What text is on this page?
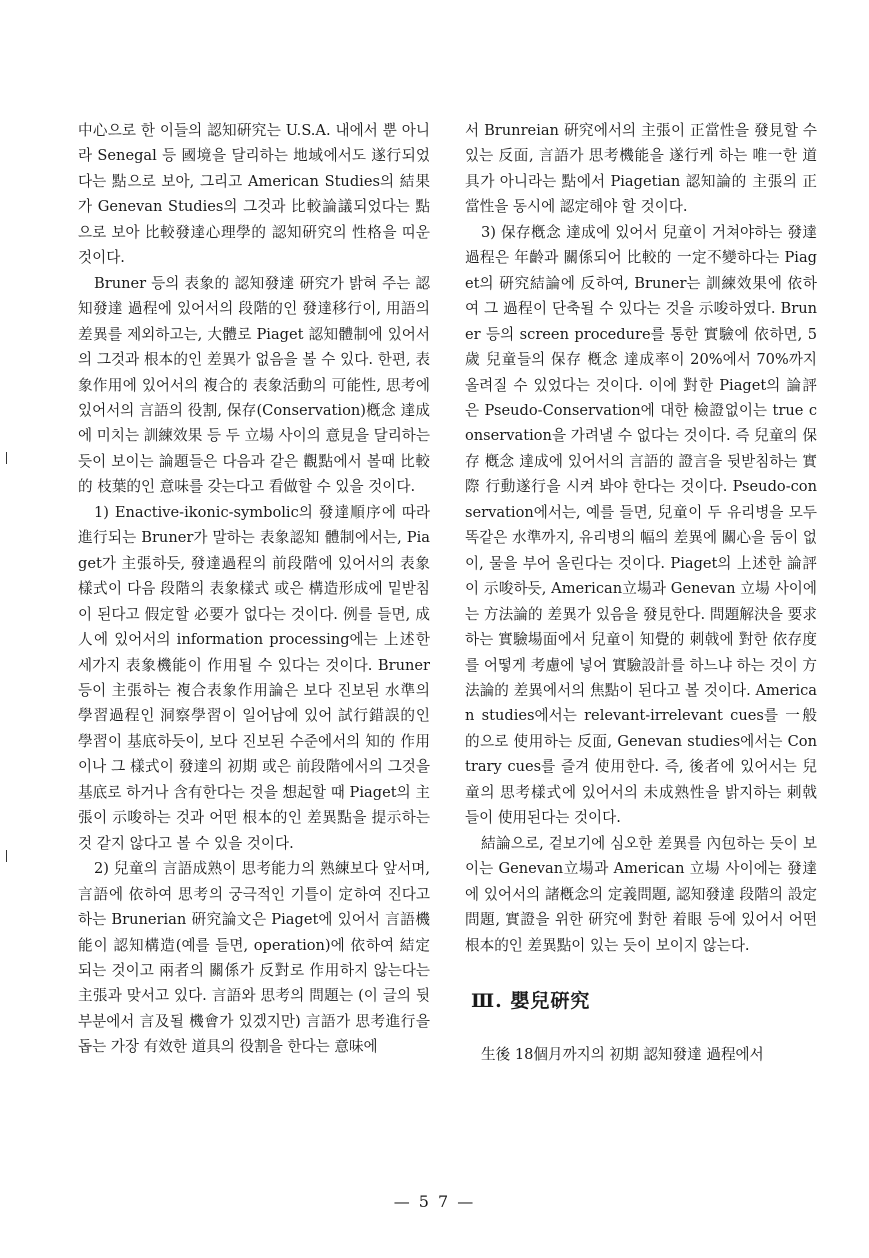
中心으로 한 이들의 認知硏究는 U.S.A. 내에서 뿐 아니라 Senegal 등 國境을 달리하는 地域에서도 遂行되었다는 點으로 보아, 그리고 American Studies의 結果가 Genevan Studies의 그것과 比較論議되었다는 點으로 보아 比較發達心理學的 認知硏究의 性格을 띠운 것이다.

Bruner 등의 表象的 認知發達 硏究가 밝혀 주는 認知發達 過程에 있어서의 段階的인 發達移行이, 用語의 差異를 제외하고는, 大體로 Piaget 認知體制에 있어서의 그것과 根本的인 差異가 없음을 볼 수 있다. 한편, 表象作用에 있어서의 複合的 表象活動의 可能性, 思考에 있어서의 言語의 役割, 保存(Conservation)槪念 達成에 미치는 訓練效果 등 두 立場 사이의 意見을 달리하는 듯이 보이는 論題들은 다음과 같은 觀點에서 볼때 比較的 枝葉的인 意味를 갖는다고 看做할 수 있을 것이다.

1) Enactive-ikonic-symbolic의 發達順序에 따라 進行되는 Bruner가 말하는 表象認知 體制에서는, Piaget가 主張하듯, 發達過程의 前段階에 있어서의 表象樣式이 다음 段階의 表象樣式 或은 構造形成에 밑받침이 된다고 假定할 必要가 없다는 것이다. 例를 들면, 成人에 있어서의 information processing에는 上述한 세가지 表象機能이 作用될 수 있다는 것이다. Bruner 등이 主張하는 複合表象作用論은 보다 진보된 水準의 學習過程인 洞察學習이 일어남에 있어 試行錯誤的인 學習이 基底하듯이, 보다 진보된 수준에서의 知的 作用이나 그 樣式이 發達의 初期 或은 前段階에서의 그것을 基底로 하거나 含有한다는 것을 想起할 때 Piaget의 主張이 示唆하는 것과 어떤 根本的인 差異點을 提示하는 것 같지 않다고 볼 수 있을 것이다.

2) 兒童의 言語成熟이 思考能力의 熟練보다 앞서며, 言語에 依하여 思考의 궁극적인 기틀이 定하여 진다고 하는 Brunerian 硏究論文은 Piaget에 있어서 言語機能이 認知構造(예를 들면, operation)에 依하여 結定되는 것이고 兩者의 關係가 反對로 作用하지 않는다는 主張과 맞서고 있다. 言語와 思考의 問題는 (이 글의 뒷 부분에서 言及될 機會가 있겠지만) 言語가 思考進行을 돕는 가장 有效한 道具의 役割을 한다는 意味에

서 Brunreian 硏究에서의 主張이 正當性을 發見할 수 있는 反面, 言語가 思考機能을 遂行케 하는 唯一한 道具가 아니라는 點에서 Piagetian 認知論的 主張의 正當性을 동시에 認定해야 할 것이다.

3) 保存槪念 達成에 있어서 兒童이 거쳐야하는 發達過程은 年齡과 關係되어 比較的 一定不變하다는 Piaget의 硏究結論에 反하여, Bruner는 訓練效果에 依하여 그 過程이 단축될 수 있다는 것을 示唆하였다. Bruner 등의 screen procedure를 통한 實驗에 依하면, 5歲 兒童들의 保存 槪念 達成率이 20%에서 70%까지 올려질 수 있었다는 것이다. 이에 對한 Piaget의 論評은 Pseudo-Conservation에 대한 檢證없이는 true conservation을 가려낼 수 없다는 것이다. 즉 兒童의 保存 槪念 達成에 있어서의 言語的 證言을 뒷받침하는 實際 行動遂行을 시켜 봐야 한다는 것이다. Pseudo-conservation에서는, 예를 들면, 兒童이 두 유리병을 모두 똑같은 水準까지, 유리병의 幅의 差異에 關心을 둠이 없이, 물을 부어 올린다는 것이다. Piaget의 上述한 論評이 示唆하듯, American立場과 Genevan 立場 사이에는 方法論的 差異가 있음을 發見한다. 問題解決을 要求하는 實驗場面에서 兒童이 知覺的 刺戟에 對한 依存度를 어떻게 考慮에 넣어 實驗設計를 하느냐 하는 것이 方法論的 差異에서의 焦點이 된다고 볼 것이다. American studies에서는 relevant-irrelevant cues를 一般的으로 使用하는 反面, Genevan studies에서는 Contrary cues를 즐겨 使用한다. 즉, 後者에 있어서는 兒童의 思考樣式에 있어서의 未成熟性을 밝지하는 刺戟들이 使用된다는 것이다.

結論으로, 겉보기에 심오한 差異를 內包하는 듯이 보이는 Genevan立場과 American 立場 사이에는 發達에 있어서의 諸槪念의 定義問題, 認知發達 段階의 設定問題, 實證을 위한 硏究에 對한 着眼 등에 있어서 어떤 根本的인 差異點이 있는 듯이 보이지 않는다.

Ⅲ. 嬰兒硏究

生後 18個月까지의 初期 認知發達 過程에서

— 5 7 —
